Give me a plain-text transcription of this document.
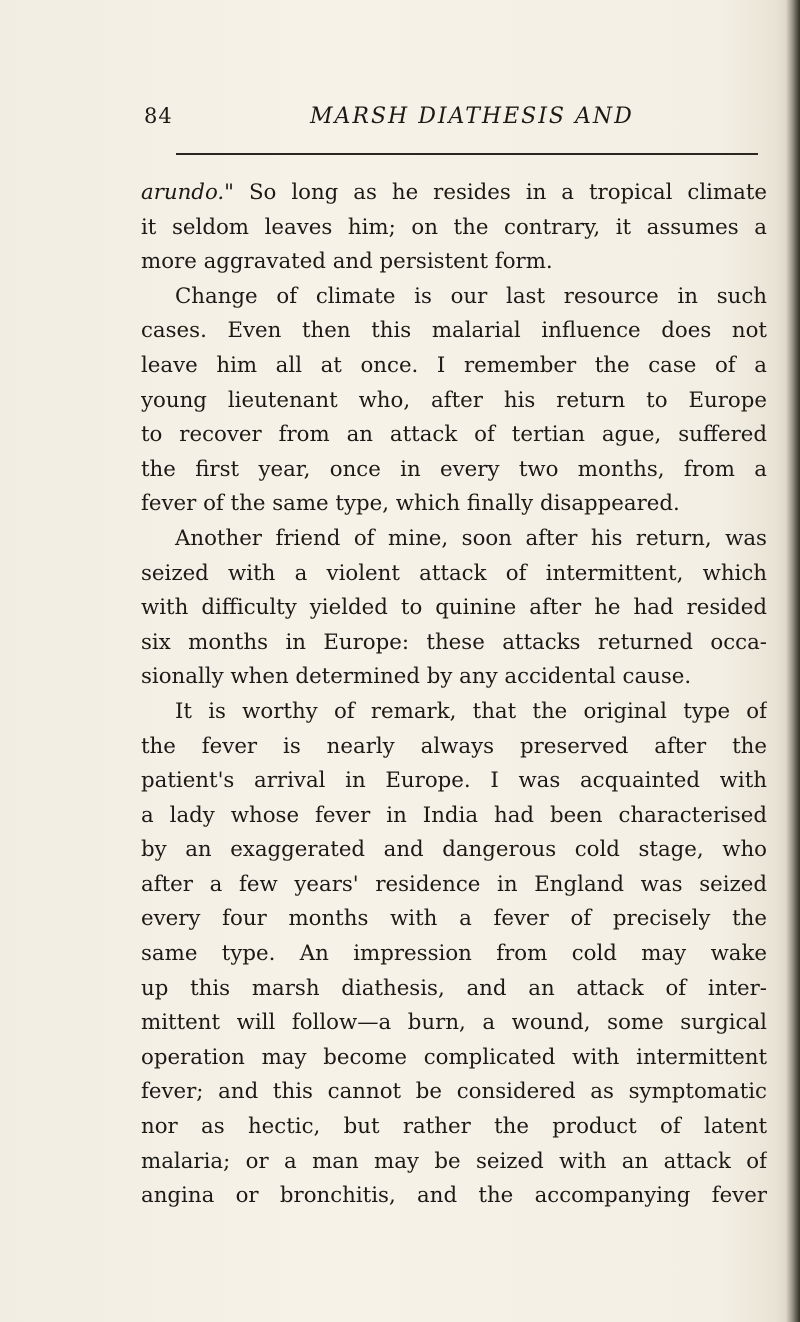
84	MARSH DIATHESIS AND
arundo." So long as he resides in a tropical climate
it seldom leaves him; on the contrary, it assumes a
more aggravated and persistent form.
Change of climate is our last resource in such
cases. Even then this malarial influence does not
leave him all at once. I remember the case of a
young lieutenant who, after his return to Europe
to recover from an attack of tertian ague, suffered
the first year, once in every two months, from a
fever of the same type, which finally disappeared.
Another friend of mine, soon after his return, was
seized with a violent attack of intermittent, which
with difficulty yielded to quinine after he had resided
six months in Europe: these attacks returned occa-
sionally when determined by any accidental cause.
It is worthy of remark, that the original type of
the fever is nearly always preserved after the
patient's arrival in Europe. I was acquainted with
a lady whose fever in India had been characterised
by an exaggerated and dangerous cold stage, who
after a few years' residence in England was seized
every four months with a fever of precisely the
same type. An impression from cold may wake
up this marsh diathesis, and an attack of inter-
mittent will follow—a burn, a wound, some surgical
operation may become complicated with intermittent
fever; and this cannot be considered as symptomatic
nor as hectic, but rather the product of latent
malaria; or a man may be seized with an attack of
angina or bronchitis, and the accompanying fever
